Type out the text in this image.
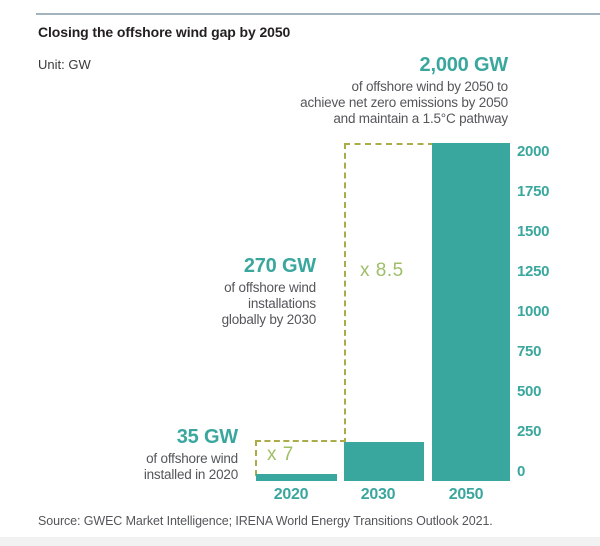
Closing the offshore wind gap by 2050
Unit: GW	2,000 GW
of offshore wind by 2050 to
achieve net zero emissions by 2050
and maintain a 1.5°C pathway
270 GW
of offshore wind
installations
globally by 2030
35 GW
of offshore wind
installed in 2020
x 8.5
x 7
2000
1750
1500
1250
1000
750
500
250
0
2020	2030	2050
Source: GWEC Market Intelligence; IRENA World Energy Transitions Outlook 2021.
